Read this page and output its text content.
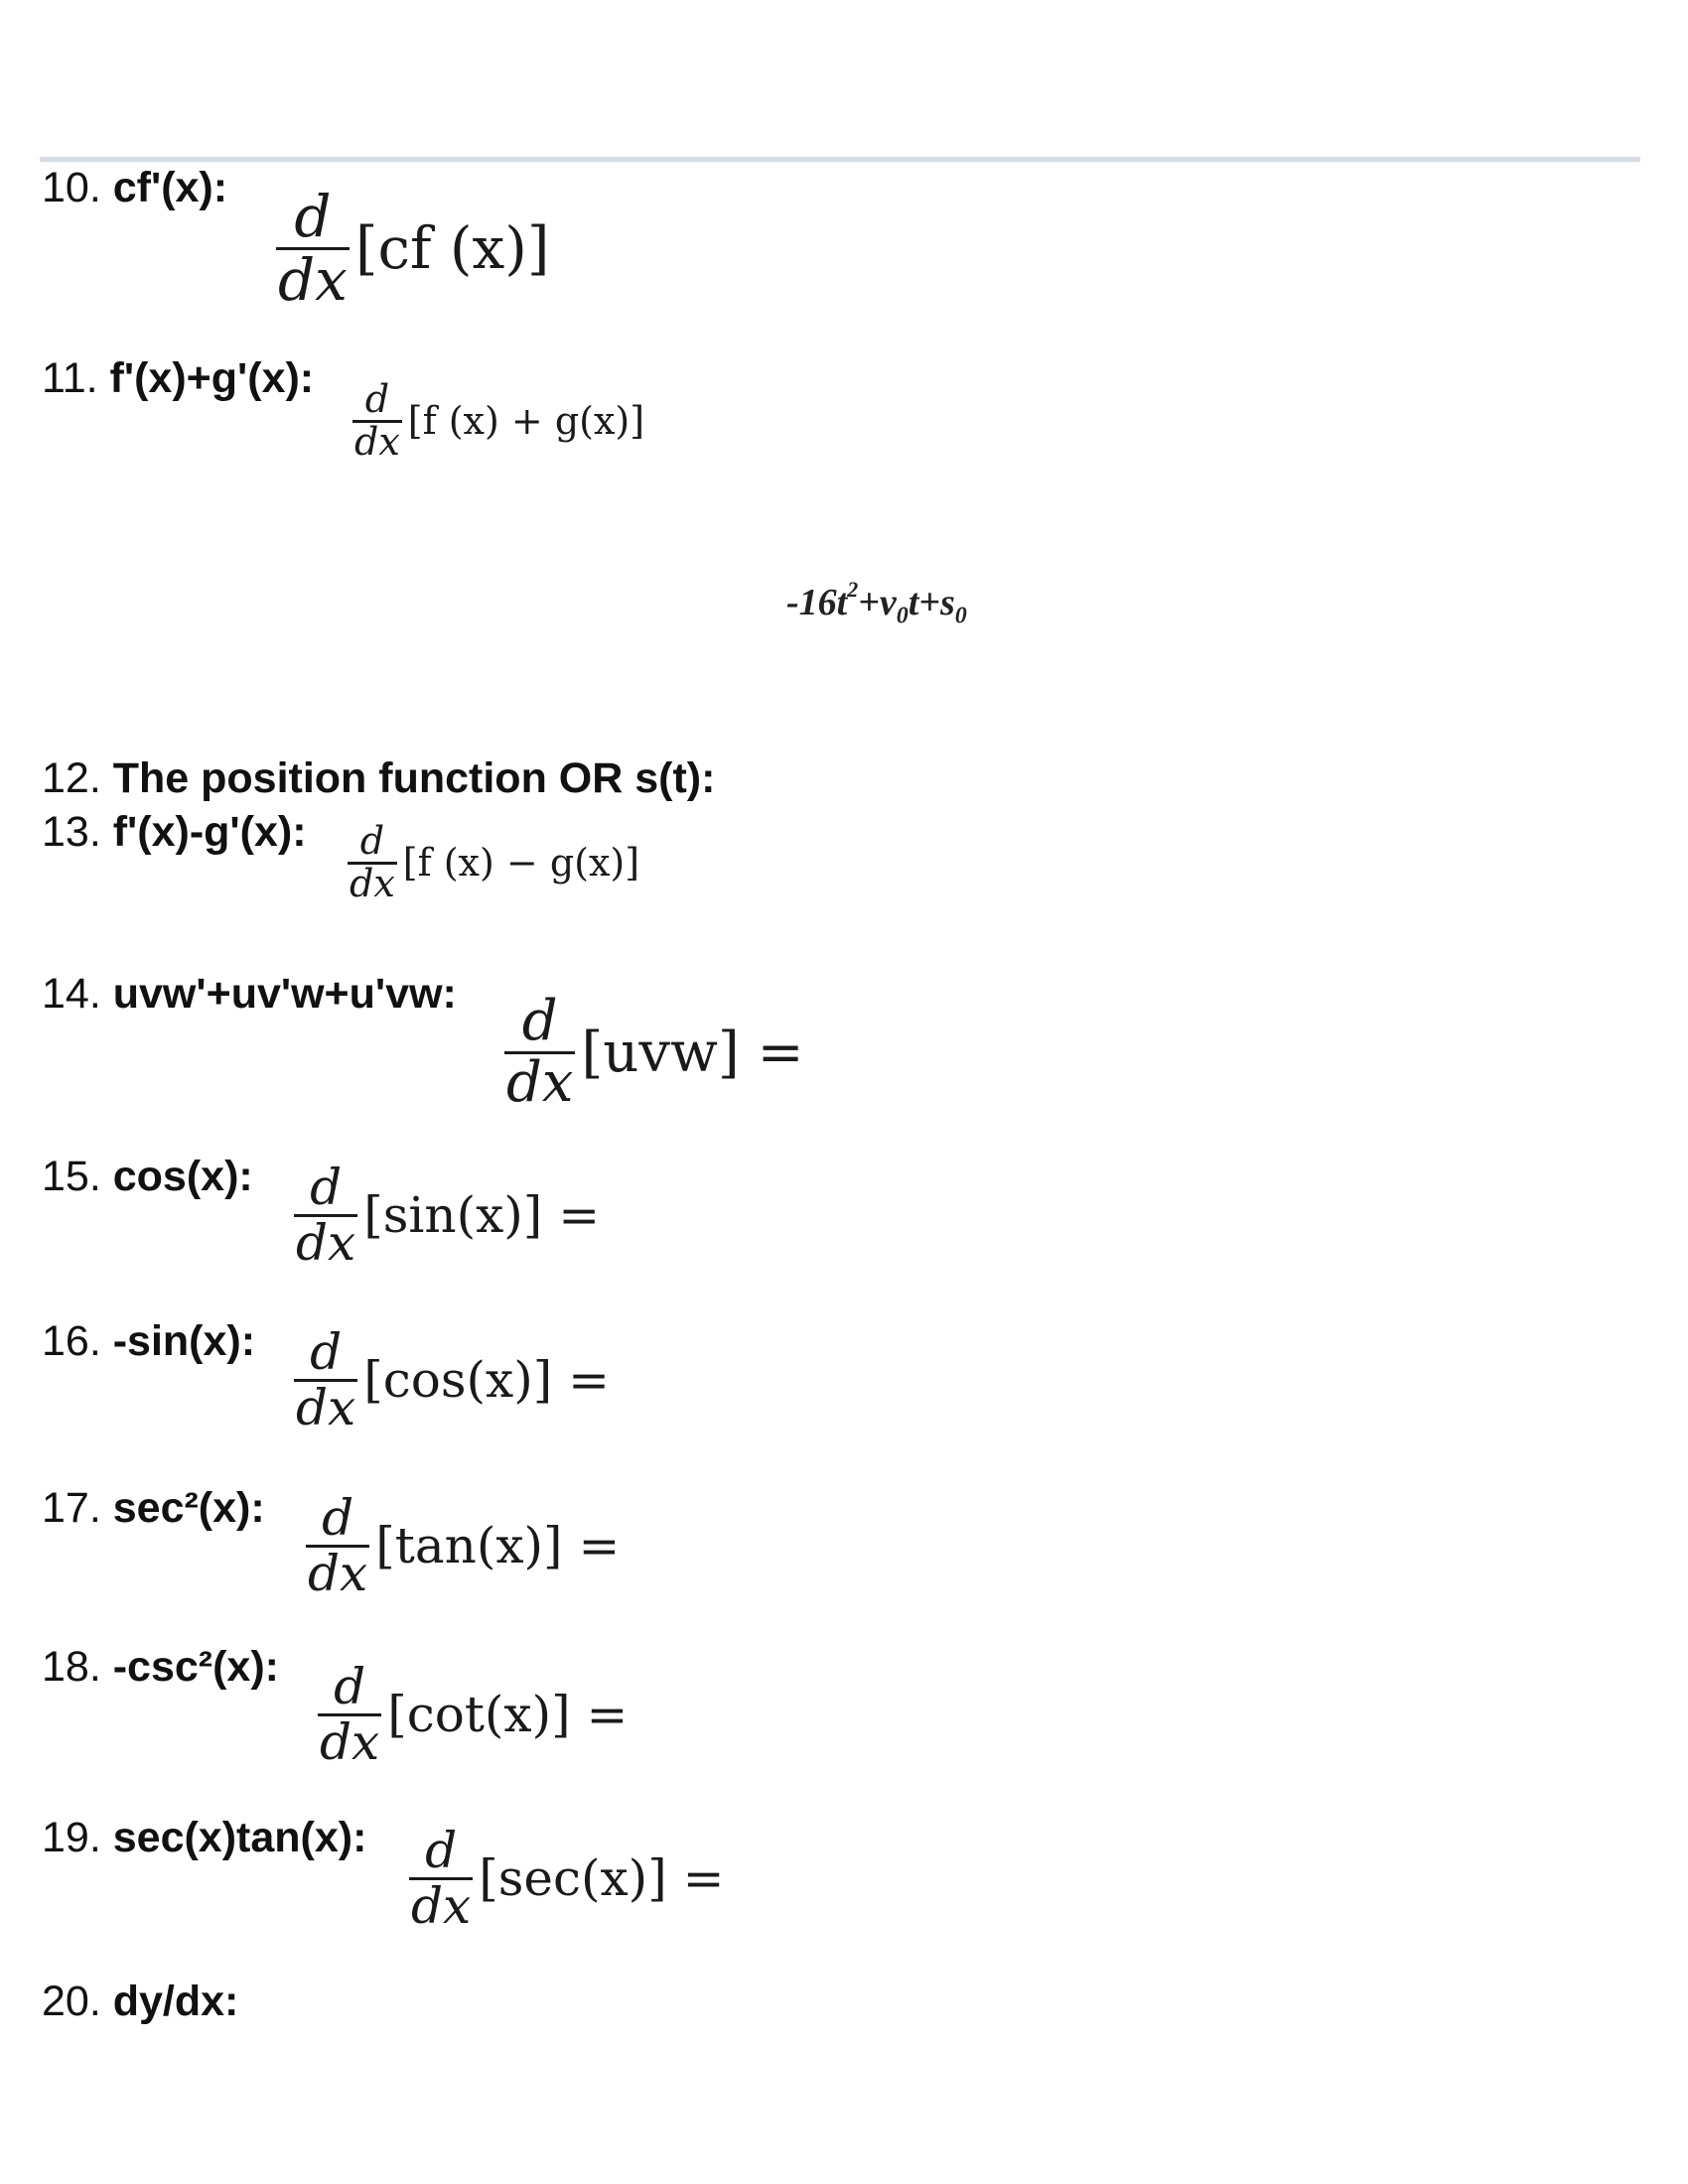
10. cf'(x):
11. f'(x)+g'(x):
12. The position function OR s(t):
13. f'(x)-g'(x):
14. uvw'+uv'w+u'vw:
15. cos(x):
16. -sin(x):
17. sec²(x):
18. -csc²(x):
19. sec(x)tan(x):
20. dy/dx:
$\frac{d}{dx} [cf$ (x)]
$\frac{d}{dx} [f$ (x) + g(x)]
$-16t^2+v_0t+s_0$
$\frac{d}{dx} [f$ (x) − g(x)]
$\frac{d}{dx} [uvw]$ =
$\frac{d}{dx} [\sin(x)]$ =
$\frac{d}{dx} [\cos(x)]$ =
$\frac{d}{dx} [\tan(x)]$ =
$\frac{d}{dx} [\cot(x)]$ =
$\frac{d}{dx} [\sec(x)]$ =
